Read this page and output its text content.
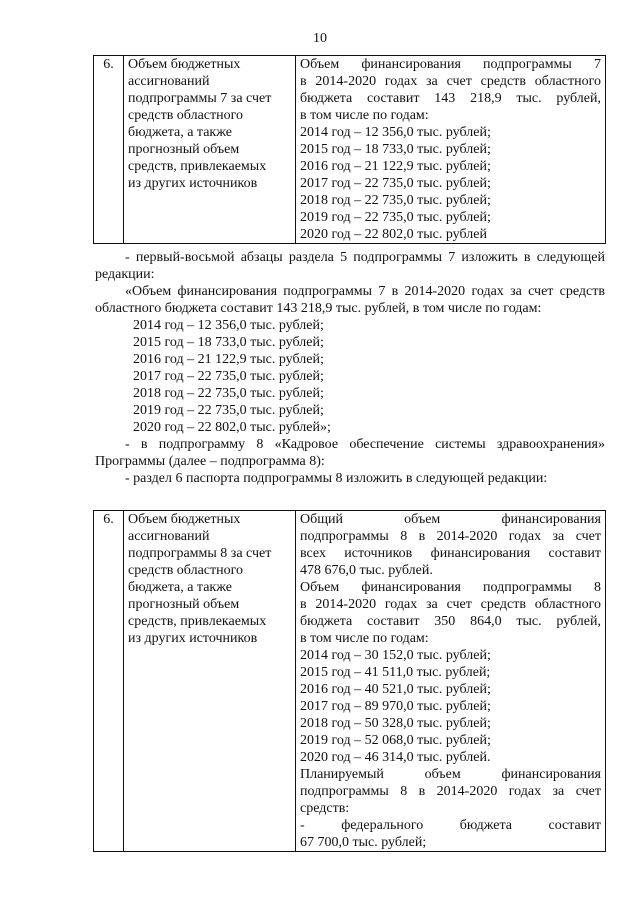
10
6.	Объем бюджетных
ассигнований
подпрограммы 7 за счет
средств областного
бюджета, а также
прогнозный объем
средств, привлекаемых
из других источников

Объем финансирования подпрограммы 7
в 2014-2020 годах за счет средств областного
бюджета составит 143 218,9 тыс. рублей,
в том числе по годам:
2014 год – 12 356,0 тыс. рублей;
2015 год – 18 733,0 тыс. рублей;
2016 год – 21 122,9 тыс. рублей;
2017 год – 22 735,0 тыс. рублей;
2018 год – 22 735,0 тыс. рублей;
2019 год – 22 735,0 тыс. рублей;
2020 год – 22 802,0 тыс. рублей
- первый-восьмой абзацы раздела 5 подпрограммы 7 изложить в следующей редакции:
«Объем финансирования подпрограммы 7 в 2014-2020 годах за счет средств областного бюджета составит 143 218,9 тыс. рублей, в том числе по годам:
2014 год – 12 356,0 тыс. рублей;
2015 год – 18 733,0 тыс. рублей;
2016 год – 21 122,9 тыс. рублей;
2017 год – 22 735,0 тыс. рублей;
2018 год – 22 735,0 тыс. рублей;
2019 год – 22 735,0 тыс. рублей;
2020 год – 22 802,0 тыс. рублей»;
- в подпрограмму 8 «Кадровое обеспечение системы здравоохранения» Программы (далее – подпрограмма 8):
- раздел 6 паспорта подпрограммы 8 изложить в следующей редакции:
6.	Объем бюджетных
ассигнований
подпрограммы 8 за счет
средств областного
бюджета, а также
прогнозный объем
средств, привлекаемых
из других источников

Общий объем финансирования
подпрограммы 8 в 2014-2020 годах за счет
всех источников финансирования составит
478 676,0 тыс. рублей.
Объем финансирования подпрограммы 8
в 2014-2020 годах за счет средств областного
бюджета составит 350 864,0 тыс. рублей,
в том числе по годам:
2014 год – 30 152,0 тыс. рублей;
2015 год – 41 511,0 тыс. рублей;
2016 год – 40 521,0 тыс. рублей;
2017 год – 89 970,0 тыс. рублей;
2018 год – 50 328,0 тыс. рублей;
2019 год – 52 068,0 тыс. рублей;
2020 год – 46 314,0 тыс. рублей.
Планируемый объем финансирования
подпрограммы 8 в 2014-2020 годах за счет
средств:
- федерального бюджета составит
67 700,0 тыс. рублей;
